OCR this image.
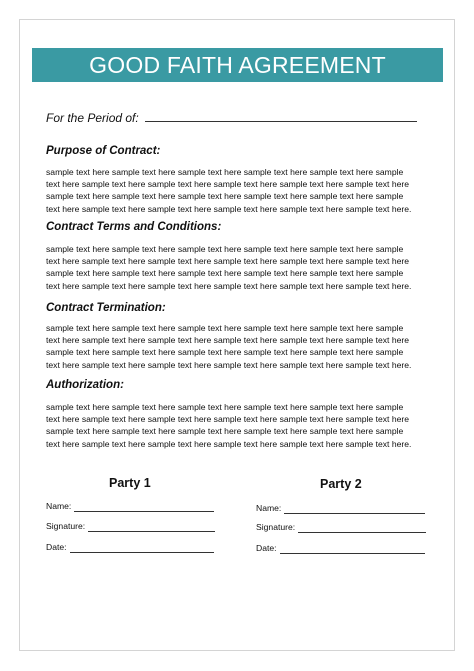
GOOD FAITH AGREEMENT
For the Period of:
Purpose of Contract:

sample text here sample text here sample text here sample text here sample text here sample
text here sample text here sample text here sample text here sample text here sample text here
sample text here sample text here sample text here sample text here sample text here sample
text here sample text here sample text here sample text here sample text here sample text here.

Contract Terms and Conditions:

sample text here sample text here sample text here sample text here sample text here sample
text here sample text here sample text here sample text here sample text here sample text here
sample text here sample text here sample text here sample text here sample text here sample
text here sample text here sample text here sample text here sample text here sample text here.

Contract Termination:

sample text here sample text here sample text here sample text here sample text here sample
text here sample text here sample text here sample text here sample text here sample text here
sample text here sample text here sample text here sample text here sample text here sample
text here sample text here sample text here sample text here sample text here sample text here.

Authorization:

sample text here sample text here sample text here sample text here sample text here sample
text here sample text here sample text here sample text here sample text here sample text here
sample text here sample text here sample text here sample text here sample text here sample
text here sample text here sample text here sample text here sample text here sample text here.

Party 1
Name:
Signature:
Date:
Party 2
Name:
Signature:
Date:
